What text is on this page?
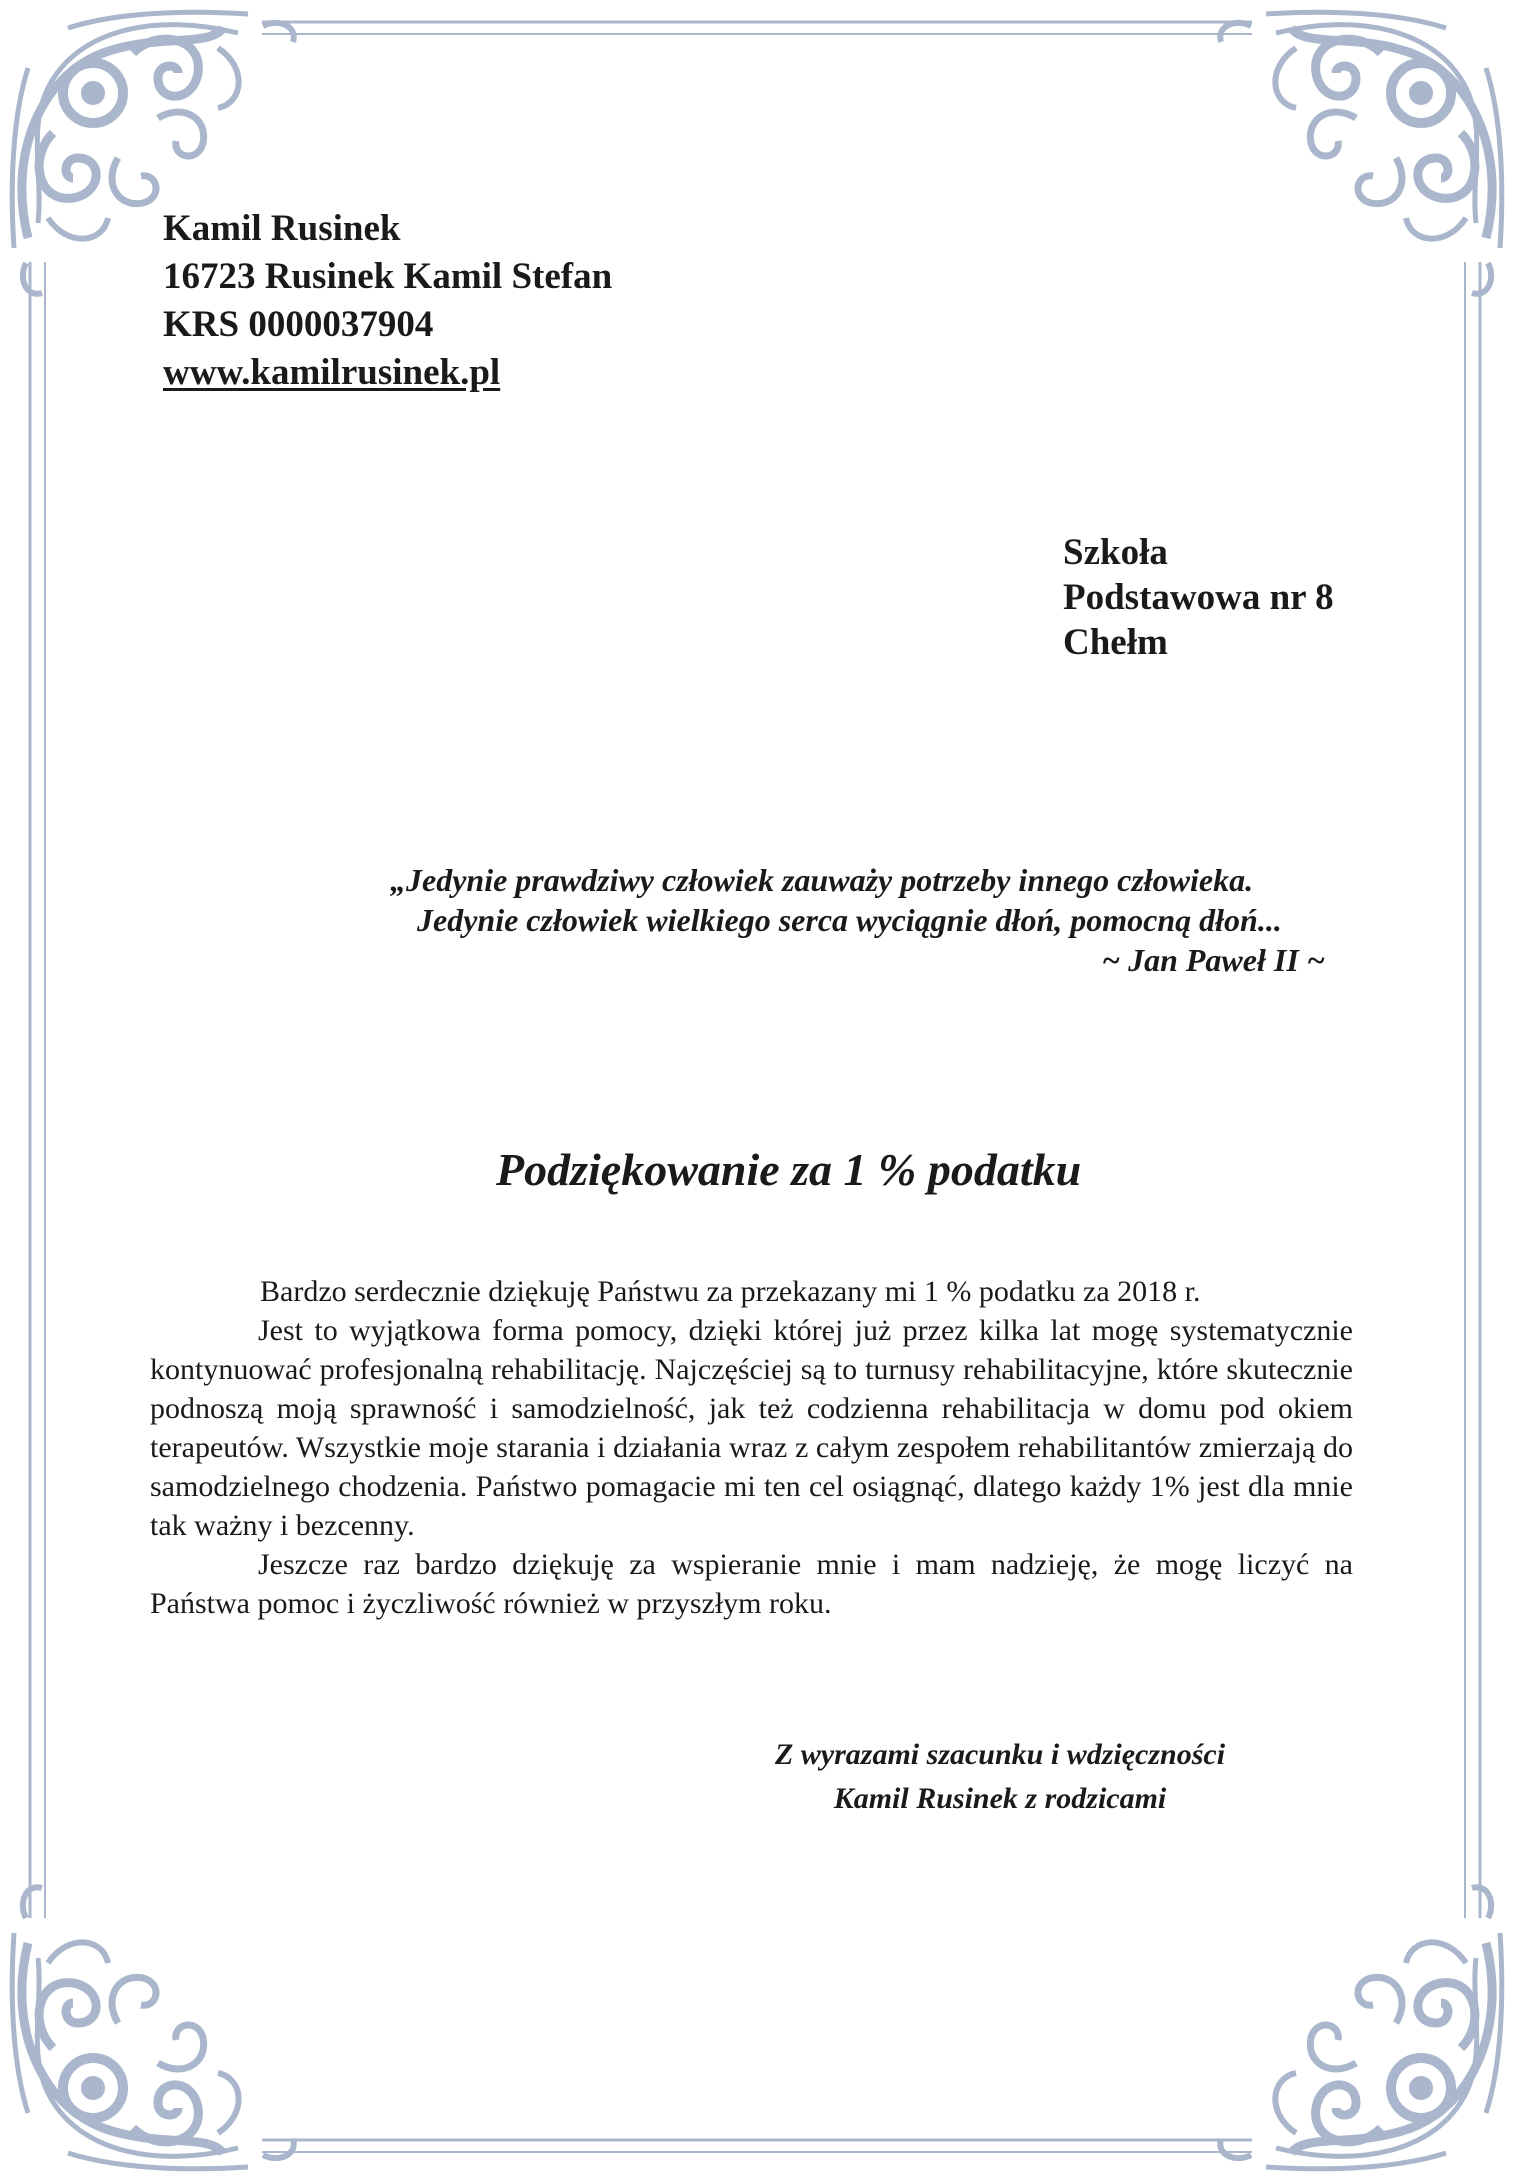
Kamil Rusinek
16723 Rusinek Kamil Stefan
KRS 0000037904
www.kamilrusinek.pl
Szkoła
Podstawowa nr 8
Chełm
„Jedynie prawdziwy człowiek zauważy potrzeby innego człowieka.
Jedynie człowiek wielkiego serca wyciągnie dłoń, pomocną dłoń...
~ Jan Paweł II ~
Podziękowanie za 1 % podatku

Bardzo serdecznie dziękuję Państwu za przekazany mi 1 % podatku za 2018 r.

Jest to wyjątkowa forma pomocy, dzięki której już przez kilka lat mogę systematycznie kontynuować profesjonalną rehabilitację. Najczęściej są to turnusy rehabilitacyjne, które skutecznie podnoszą moją sprawność i samodzielność, jak też codzienna rehabilitacja w domu pod okiem terapeutów. Wszystkie moje starania i działania wraz z całym zespołem rehabilitantów zmierzają do samodzielnego chodzenia. Państwo pomagacie mi ten cel osiągnąć, dlatego każdy 1% jest dla mnie tak ważny i bezcenny.

Jeszcze raz bardzo dziękuję za wspieranie mnie i mam nadzieję, że mogę liczyć na Państwa pomoc i życzliwość również w przyszłym roku.

Z wyrazami szacunku i wdzięczności
Kamil Rusinek z rodzicami
